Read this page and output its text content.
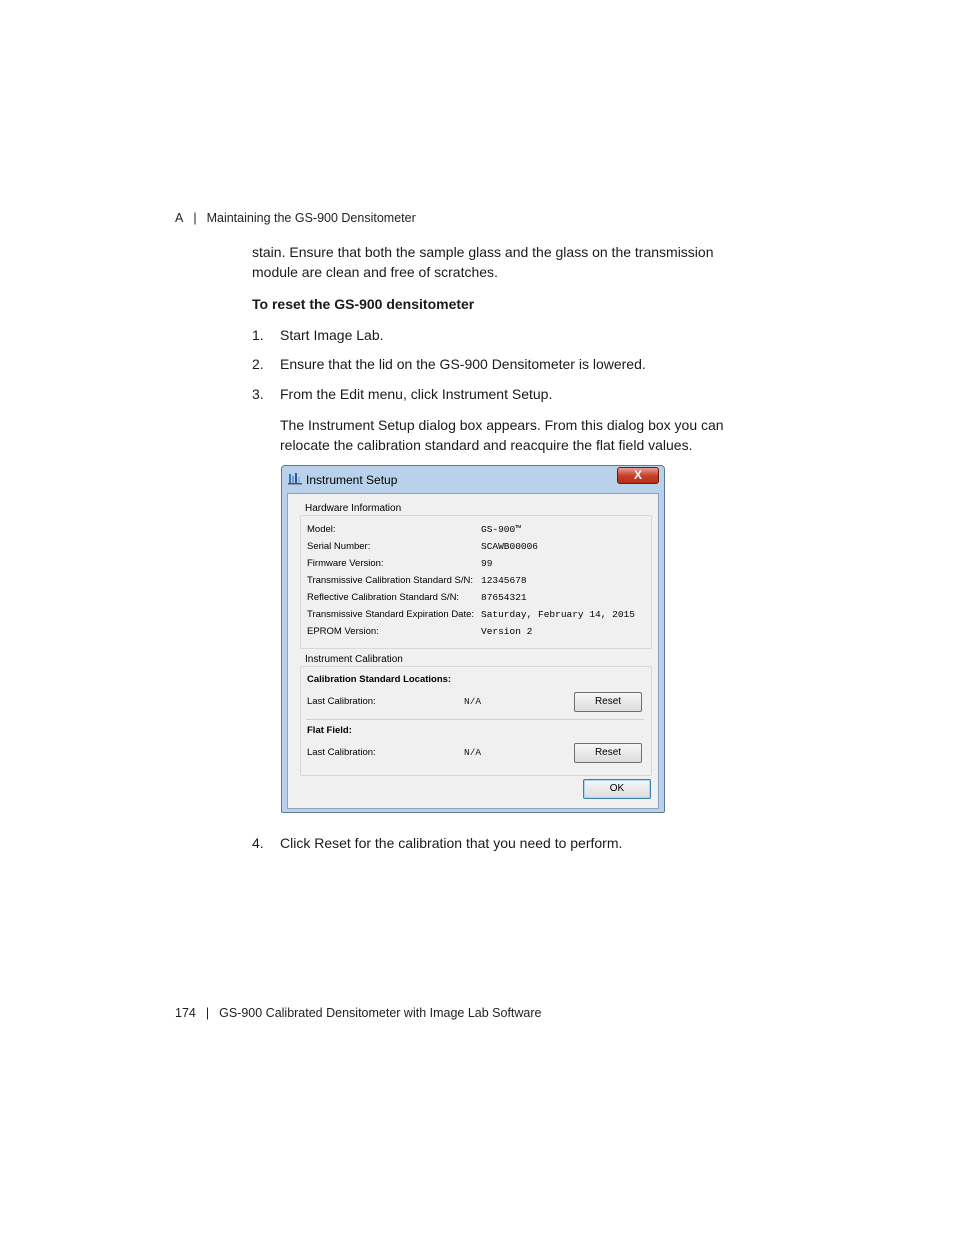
A | Maintaining the GS-900 Densitometer
stain. Ensure that both the sample glass and the glass on the transmission module are clean and free of scratches.
To reset the GS-900 densitometer
1. Start Image Lab.
2. Ensure that the lid on the GS-900 Densitometer is lowered.
3. From the Edit menu, click Instrument Setup.
The Instrument Setup dialog box appears. From this dialog box you can relocate the calibration standard and reacquire the flat field values.
Instrument Setup	X
Hardware Information
Model:	GS-900™
Serial Number:	SCAWB00006
Firmware Version:	99
Transmissive Calibration Standard S/N: 12345678
Reflective Calibration Standard S/N: 87654321
Transmissive Standard Expiration Date: Saturday, February 14, 2015
EPROM Version:	Version 2
Instrument Calibration
Calibration Standard Locations:
Last Calibration:	N/A	Reset
Flat Field:
Last Calibration:	N/A	Reset
OK
4. Click Reset for the calibration that you need to perform.
174 | GS-900 Calibrated Densitometer with Image Lab Software
